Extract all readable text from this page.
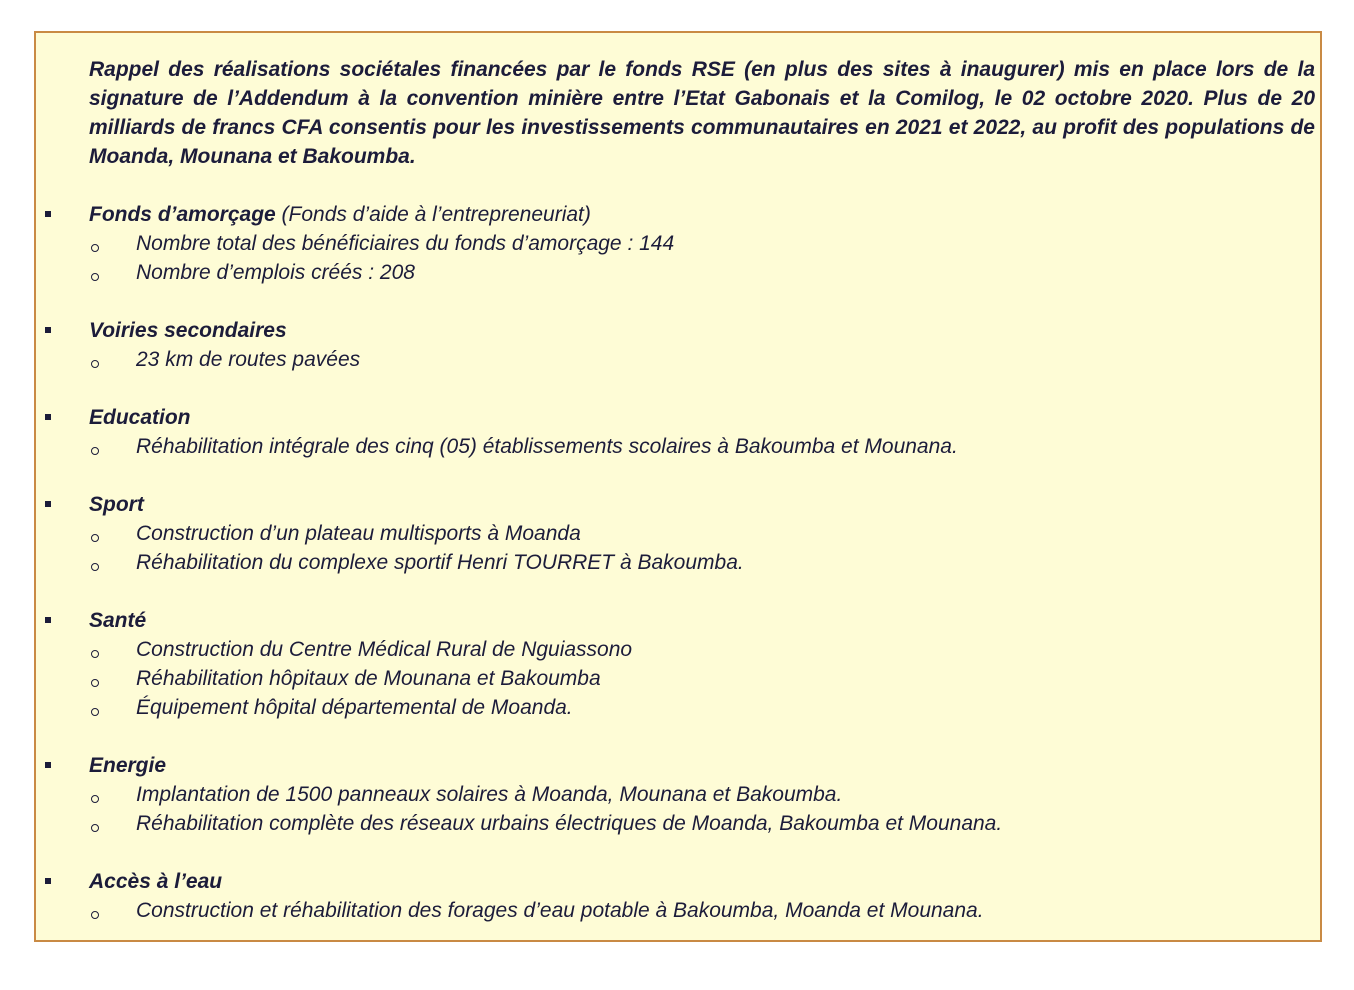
Rappel des réalisations sociétales financées par le fonds RSE (en plus des sites à inaugurer) mis en place lors de la signature de l’Addendum à la convention minière entre l’Etat Gabonais et la Comilog, le 02 octobre 2020. Plus de 20 milliards de francs CFA consentis pour les investissements communautaires en 2021 et 2022, au profit des populations de Moanda, Mounana et Bakoumba.

Fonds d’amorçage (Fonds d’aide à l’entrepreneuriat)
Nombre total des bénéficiaires du fonds d’amorçage : 144
Nombre d’emplois créés : 208
Voiries secondaires
23 km de routes pavées
Education
Réhabilitation intégrale des cinq (05) établissements scolaires à Bakoumba et Mounana.
Sport
Construction d’un plateau multisports à Moanda
Réhabilitation du complexe sportif Henri TOURRET à Bakoumba.
Santé
Construction du Centre Médical Rural de Nguiassono
Réhabilitation hôpitaux de Mounana et Bakoumba
Équipement hôpital départemental de Moanda.
Energie
Implantation de 1500 panneaux solaires à Moanda, Mounana et Bakoumba.
Réhabilitation complète des réseaux urbains électriques de Moanda, Bakoumba et Mounana.
Accès à l’eau
Construction et réhabilitation des forages d’eau potable à Bakoumba, Moanda et Mounana.
